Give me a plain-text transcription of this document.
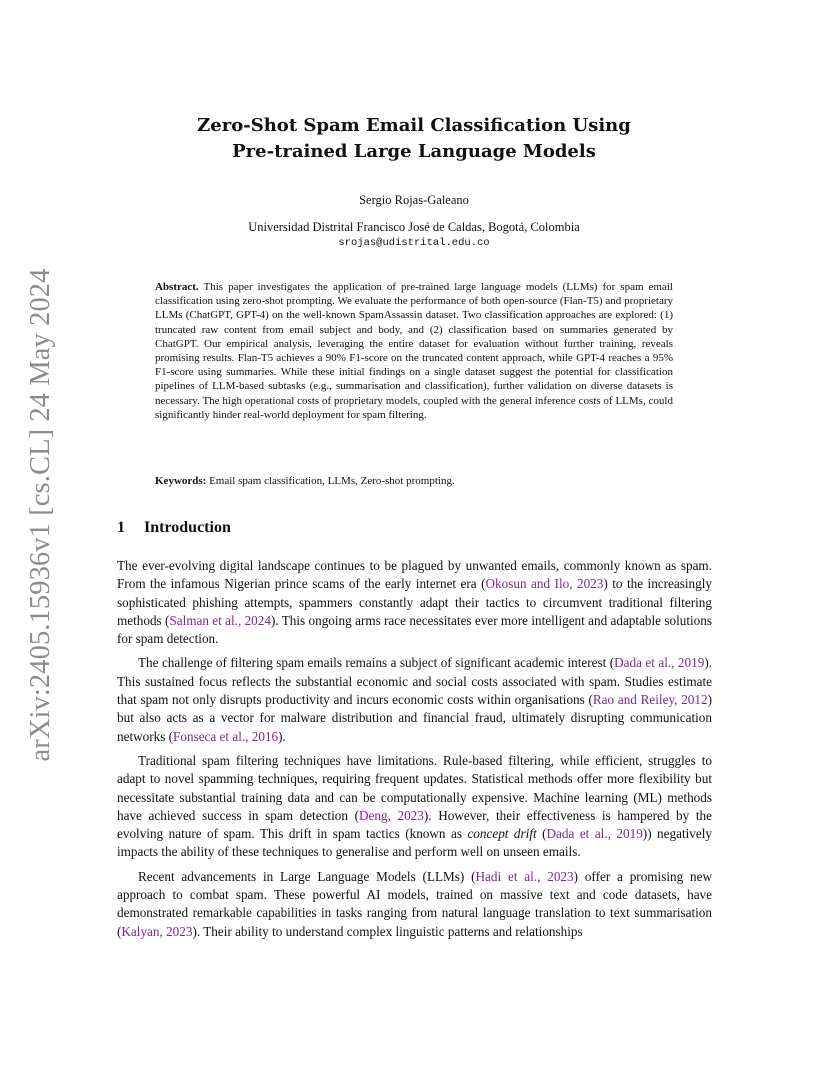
arXiv:2405.15936v1 [cs.CL] 24 May 2024
Zero-Shot Spam Email Classification Using
Pre-trained Large Language Models
Sergio Rojas-Galeano
Universidad Distrital Francisco José de Caldas, Bogotá, Colombia
srojas@udistrital.edu.co
Abstract. This paper investigates the application of pre-trained large language models (LLMs) for spam email classification using zero-shot prompting. We evaluate the performance of both open-source (Flan-T5) and proprietary LLMs (ChatGPT, GPT-4) on the well-known SpamAssassin dataset. Two classification approaches are explored: (1) truncated raw content from email subject and body, and (2) classification based on summaries generated by ChatGPT. Our empirical analysis, leveraging the entire dataset for evaluation without further training, reveals promising results. Flan-T5 achieves a 90% F1-score on the truncated content approach, while GPT-4 reaches a 95% F1-score using summaries. While these initial findings on a single dataset suggest the potential for classification pipelines of LLM-based subtasks (e.g., summarisation and classification), further validation on diverse datasets is necessary. The high operational costs of proprietary models, coupled with the general inference costs of LLMs, could significantly hinder real-world deployment for spam filtering.
Keywords: Email spam classification, LLMs, Zero-shot prompting.
1 Introduction

The ever-evolving digital landscape continues to be plagued by unwanted emails, commonly known as spam. From the infamous Nigerian prince scams of the early internet era (Okosun and Ilo, 2023) to the increasingly sophisticated phishing attempts, spammers constantly adapt their tactics to circumvent traditional filtering methods (Salman et al., 2024). This ongoing arms race necessitates ever more intelligent and adaptable solutions for spam detection.

The challenge of filtering spam emails remains a subject of significant academic interest (Dada et al., 2019). This sustained focus reflects the substantial economic and social costs associated with spam. Studies estimate that spam not only disrupts productivity and incurs economic costs within organisations (Rao and Reiley, 2012) but also acts as a vector for malware distribution and financial fraud, ultimately disrupting communication networks (Fonseca et al., 2016).

Traditional spam filtering techniques have limitations. Rule-based filtering, while efficient, struggles to adapt to novel spamming techniques, requiring frequent updates. Statistical methods offer more flexibility but necessitate substantial training data and can be computationally expensive. Machine learning (ML) methods have achieved success in spam detection (Deng, 2023). However, their effectiveness is hampered by the evolving nature of spam. This drift in spam tactics (known as concept drift (Dada et al., 2019)) negatively impacts the ability of these techniques to generalise and perform well on unseen emails.

Recent advancements in Large Language Models (LLMs) (Hadi et al., 2023) offer a promising new approach to combat spam. These powerful AI models, trained on massive text and code datasets, have demonstrated remarkable capabilities in tasks ranging from natural language translation to text summarisation (Kalyan, 2023). Their ability to understand complex linguistic patterns and relationships
